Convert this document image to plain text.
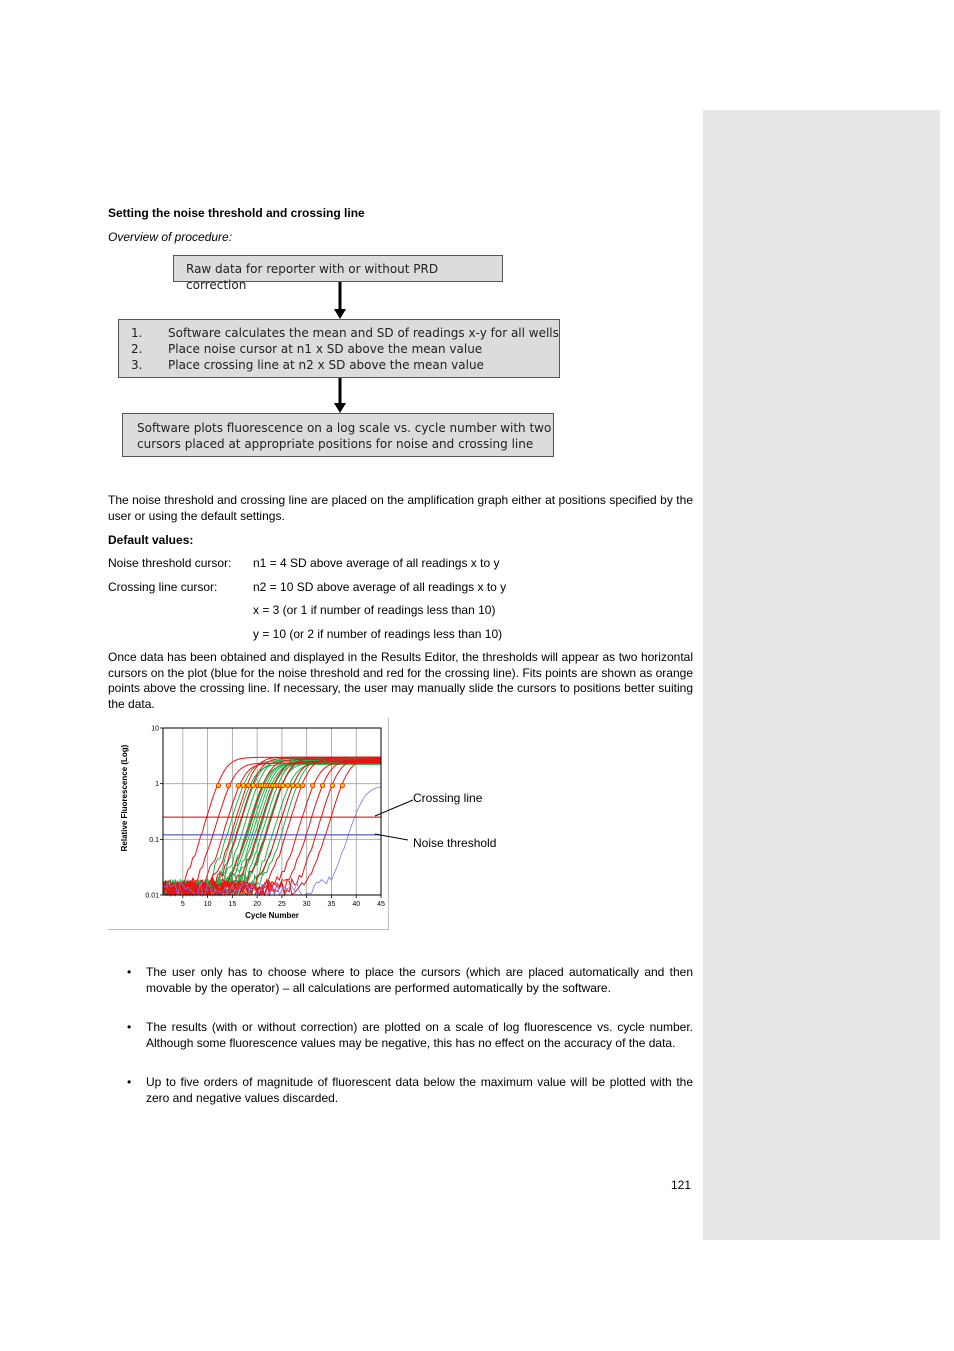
Setting the noise threshold and crossing line
Overview of procedure:
Raw data for reporter with or without PRD correction
1. Software calculates the mean and SD of readings x-y for all wells
2. Place noise cursor at n1 x SD above the mean value
3. Place crossing line at n2 x SD above the mean value
Software plots fluorescence on a log scale vs. cycle number with two
cursors placed at appropriate positions for noise and crossing line
The noise threshold and crossing line are placed on the amplification graph either at positions specified by the user or using the default settings.
Default values:
Noise threshold cursor: n1 = 4 SD above average of all readings x to y
Crossing line cursor:	n2 = 10 SD above average of all readings x to y
x = 3 (or 1 if number of readings less than 10)
y = 10 (or 2 if number of readings less than 10)
Once data has been obtained and displayed in the Results Editor, the thresholds will appear as two horizontal cursors on the plot (blue for the noise threshold and red for the crossing line). Fits points are shown as orange points above the crossing line. If necessary, the user may manually slide the cursors to positions better suiting the data.
5	10 15 20 25 30 35 40 45
0.01
0.1
1
10
Relative Fluorescence (Log)
Cycle Number
Crossing line
Noise threshold
• The user only has to choose where to place the cursors (which are placed automatically and then movable by the operator) – all calculations are performed automatically by the software.
• The results (with or without correction) are plotted on a scale of log fluorescence vs. cycle number. Although some fluorescence values may be negative, this has no effect on the accuracy of the data.
• Up to five orders of magnitude of fluorescent data below the maximum value will be plotted with the zero and negative values discarded.
121
